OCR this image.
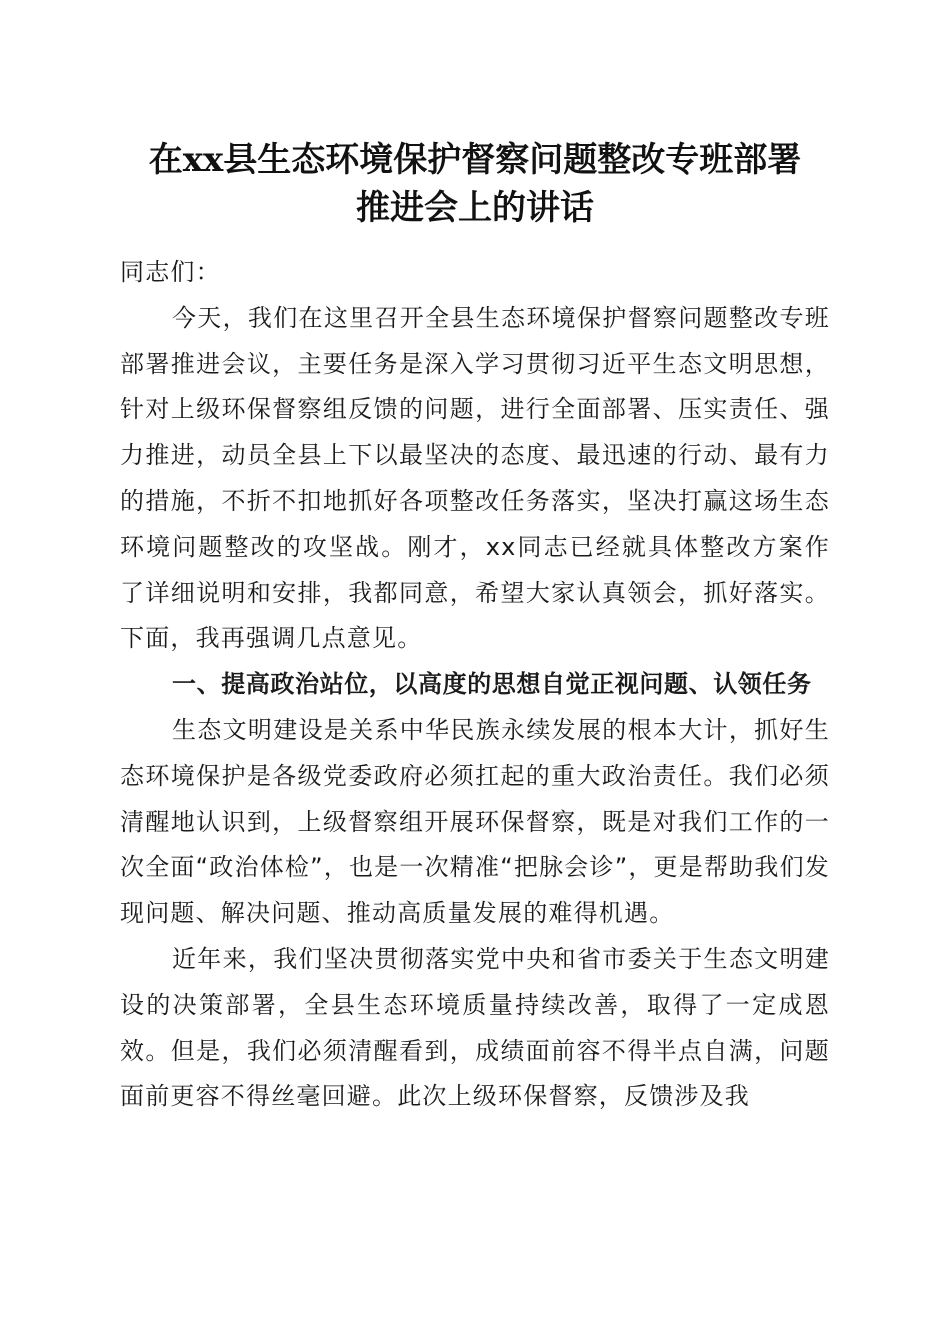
在xx县生态环境保护督察问题整改专班部署
推进会上的讲话

同志们：

今天，我们在这里召开全县生态环境保护督察问题整改专班部署推进会议，主要任务是深入学习贯彻习近平生态文明思想，针对上级环保督察组反馈的问题，进行全面部署、压实责任、强力推进，动员全县上下以最坚决的态度、最迅速的行动、最有力的措施，不折不扣地抓好各项整改任务落实，坚决打赢这场生态环境问题整改的攻坚战。刚才，xx同志已经就具体整改方案作了详细说明和安排，我都同意，希望大家认真领会，抓好落实。下面，我再强调几点意见。

一、提高政治站位，以高度的思想自觉正视问题、认领任务

生态文明建设是关系中华民族永续发展的根本大计，抓好生态环境保护是各级党委政府必须扛起的重大政治责任。我们必须清醒地认识到，上级督察组开展环保督察，既是对我们工作的一次全面“政治体检”，也是一次精准“把脉会诊”，更是帮助我们发现问题、解决问题、推动高质量发展的难得机遇。

近年来，我们坚决贯彻落实党中央和省市委关于生态文明建设的决策部署，全县生态环境质量持续改善，取得了一定成恩效。但是，我们必须清醒看到，成绩面前容不得半点自满，问题面前更容不得丝毫回避。此次上级环保督察，反馈涉及我
